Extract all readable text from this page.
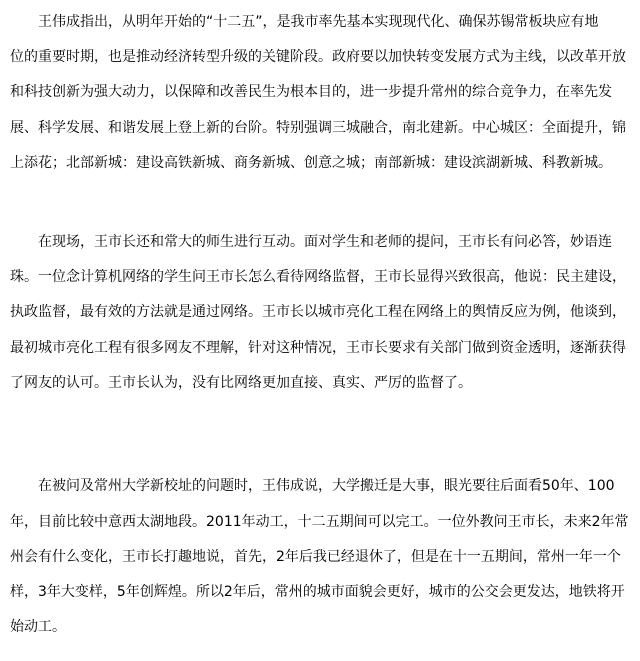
王伟成指出，从明年开始的“十二五”，是我市率先基本实现现代化、确保苏锡常板块应有地
位的重要时期，也是推动经济转型升级的关键阶段。政府要以加快转变发展方式为主线，以改革开放
和科技创新为强大动力，以保障和改善民生为根本目的，进一步提升常州的综合竞争力，在率先发
展、科学发展、和谐发展上登上新的台阶。特别强调三城融合，南北建新。中心城区：全面提升，锦
上添花；北部新城：建设高铁新城、商务新城、创意之城；南部新城：建设滨湖新城、科教新城。
在现场，王市长还和常大的师生进行互动。面对学生和老师的提问，王市长有问必答，妙语连
珠。一位念计算机网络的学生问王市长怎么看待网络监督，王市长显得兴致很高，他说：民主建设，
执政监督，最有效的方法就是通过网络。王市长以城市亮化工程在网络上的舆情反应为例，他谈到，
最初城市亮化工程有很多网友不理解，针对这种情况，王市长要求有关部门做到资金透明，逐渐获得
了网友的认可。王市长认为，没有比网络更加直接、真实、严厉的监督了。
在被问及常州大学新校址的问题时，王伟成说，大学搬迁是大事，眼光要往后面看50年、100
年，目前比较中意西太湖地段。2011年动工，十二五期间可以完工。一位外教问王市长，未来2年常
州会有什么变化，王市长打趣地说，首先，2年后我已经退休了，但是在十一五期间，常州一年一个
样，3年大变样，5年创辉煌。所以2年后，常州的城市面貌会更好，城市的公交会更发达，地铁将开
始动工。
